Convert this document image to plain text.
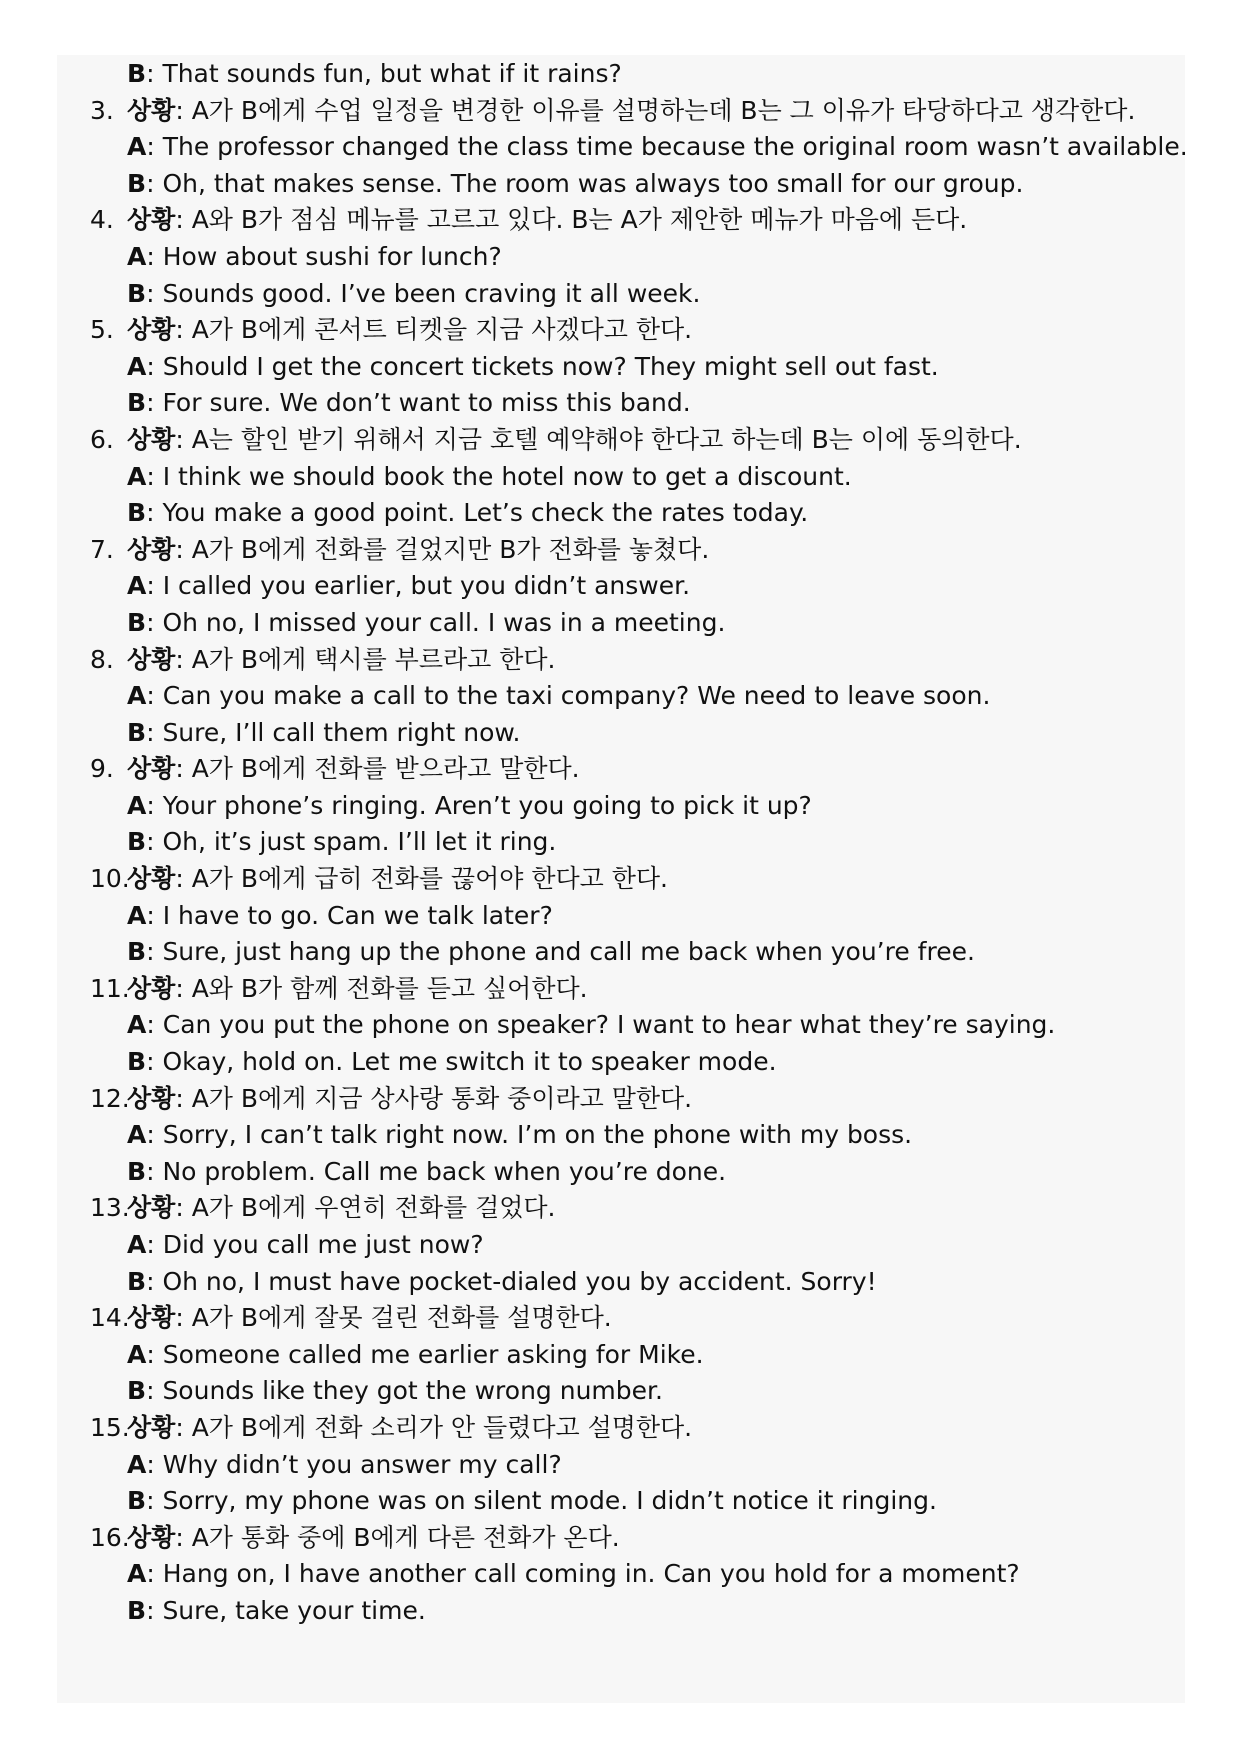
B: That sounds fun, but what if it rains?
3. 상황: A가 B에게 수업 일정을 변경한 이유를 설명하는데 B는 그 이유가 타당하다고 생각한다.
A: The professor changed the class time because the original room wasn’t available.
B: Oh, that makes sense. The room was always too small for our group.
4. 상황: A와 B가 점심 메뉴를 고르고 있다. B는 A가 제안한 메뉴가 마음에 든다.
A: How about sushi for lunch?
B: Sounds good. I’ve been craving it all week.
5. 상황: A가 B에게 콘서트 티켓을 지금 사겠다고 한다.
A: Should I get the concert tickets now? They might sell out fast.
B: For sure. We don’t want to miss this band.
6. 상황: A는 할인 받기 위해서 지금 호텔 예약해야 한다고 하는데 B는 이에 동의한다.
A: I think we should book the hotel now to get a discount.
B: You make a good point. Let’s check the rates today.
7. 상황: A가 B에게 전화를 걸었지만 B가 전화를 놓쳤다.
A: I called you earlier, but you didn’t answer.
B: Oh no, I missed your call. I was in a meeting.
8. 상황: A가 B에게 택시를 부르라고 한다.
A: Can you make a call to the taxi company? We need to leave soon.
B: Sure, I’ll call them right now.
9. 상황: A가 B에게 전화를 받으라고 말한다.
A: Your phone’s ringing. Aren’t you going to pick it up?
B: Oh, it’s just spam. I’ll let it ring.
10.
상황: A가 B에게 급히 전화를 끊어야 한다고 한다.
A: I have to go. Can we talk later?
B: Sure, just hang up the phone and call me back when you’re free.
11.
상황: A와 B가 함께 전화를 듣고 싶어한다.
A: Can you put the phone on speaker? I want to hear what they’re saying.
B: Okay, hold on. Let me switch it to speaker mode.
12.
상황: A가 B에게 지금 상사랑 통화 중이라고 말한다.
A: Sorry, I can’t talk right now. I’m on the phone with my boss.
B: No problem. Call me back when you’re done.
13.
상황: A가 B에게 우연히 전화를 걸었다.
A: Did you call me just now?
B: Oh no, I must have pocket-dialed you by accident. Sorry!
14.
상황: A가 B에게 잘못 걸린 전화를 설명한다.
A: Someone called me earlier asking for Mike.
B: Sounds like they got the wrong number.
15.
상황: A가 B에게 전화 소리가 안 들렸다고 설명한다.
A: Why didn’t you answer my call?
B: Sorry, my phone was on silent mode. I didn’t notice it ringing.
16.
상황: A가 통화 중에 B에게 다른 전화가 온다.
A: Hang on, I have another call coming in. Can you hold for a moment?
B: Sure, take your time.
